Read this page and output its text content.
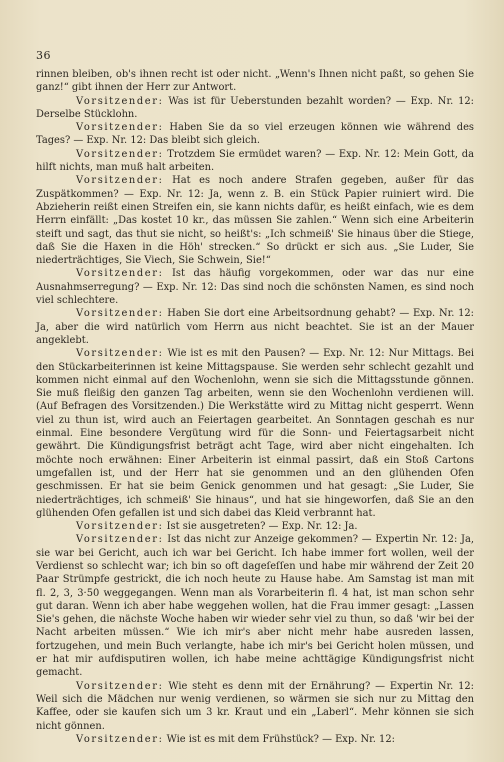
36

rinnen bleiben, ob's ihnen recht ist oder nicht. „Wenn's Ihnen nicht paßt, so gehen Sie ganz!“ gibt ihnen der Herr zur Antwort.

Vorsitzender: Was ist für Ueberstunden bezahlt worden? — Exp. Nr. 12: Derselbe Stücklohn.

Vorsitzender: Haben Sie da so viel erzeugen können wie während des Tages? — Exp. Nr. 12: Das bleibt sich gleich.

Vorsitzender: Trotzdem Sie ermüdet waren? — Exp. Nr. 12: Mein Gott, da hilft nichts, man muß halt arbeiten.

Vorsitzender: Hat es noch andere Strafen gegeben, außer für das Zuspätkommen? — Exp. Nr. 12: Ja, wenn z. B. ein Stück Papier ruiniert wird. Die Abzieherin reißt einen Streifen ein, sie kann nichts dafür, es heißt einfach, wie es dem Herrn einfällt: „Das kostet 10 kr., das müssen Sie zahlen.“ Wenn sich eine Arbeiterin steift und sagt, das thut sie nicht, so heißt's: „Ich schmeiß' Sie hinaus über die Stiege, daß Sie die Haxen in die Höh' strecken.“ So drückt er sich aus. „Sie Luder, Sie niederträchtiges, Sie Viech, Sie Schwein, Sie!“

Vorsitzender: Ist das häufig vorgekommen, oder war das nur eine Ausnahmserregung? — Exp. Nr. 12: Das sind noch die schönsten Namen, es sind noch viel schlechtere.

Vorsitzender: Haben Sie dort eine Arbeitsordnung gehabt? — Exp. Nr. 12: Ja, aber die wird natürlich vom Herrn aus nicht beachtet. Sie ist an der Mauer angeklebt.

Vorsitzender: Wie ist es mit den Pausen? — Exp. Nr. 12: Nur Mittags. Bei den Stückarbeiterinnen ist keine Mittagspause. Sie werden sehr schlecht gezahlt und kommen nicht einmal auf den Wochenlohn, wenn sie sich die Mittagsstunde gönnen. Sie muß fleißig den ganzen Tag arbeiten, wenn sie den Wochenlohn verdienen will. (Auf Befragen des Vorsitzenden.) Die Werkstätte wird zu Mittag nicht gesperrt. Wenn viel zu thun ist, wird auch an Feiertagen gearbeitet. An Sonntagen geschah es nur einmal. Eine besondere Vergütung wird für die Sonn- und Feiertagsarbeit nicht gewährt. Die Kündigungsfrist beträgt acht Tage, wird aber nicht eingehalten. Ich möchte noch erwähnen: Einer Arbeiterin ist einmal passirt, daß ein Stoß Cartons umgefallen ist, und der Herr hat sie genommen und an den glühenden Ofen geschmissen. Er hat sie beim Genick genommen und hat gesagt: „Sie Luder, Sie niederträchtiges, ich schmeiß' Sie hinaus“, und hat sie hingeworfen, daß Sie an den glühenden Ofen gefallen ist und sich dabei das Kleid verbrannt hat.

Vorsitzender: Ist sie ausgetreten? — Exp. Nr. 12: Ja.

Vorsitzender: Ist das nicht zur Anzeige gekommen? — Expertin Nr. 12: Ja, sie war bei Gericht, auch ich war bei Gericht. Ich habe immer fort wollen, weil der Verdienst so schlecht war; ich bin so oft dageſeſſen und habe mir während der Zeit 20 Paar Strümpfe gestrickt, die ich noch heute zu Hause habe. Am Samstag ist man mit fl. 2, 3, 3·50 weggegangen. Wenn man als Vorarbeiterin fl. 4 hat, ist man schon sehr gut daran. Wenn ich aber habe weggehen wollen, hat die Frau immer gesagt: „Lassen Sie's gehen, die nächste Woche haben wir wieder sehr viel zu thun, so daß 'wir bei der Nacht arbeiten müssen.“ Wie ich mir's aber nicht mehr habe ausreden lassen, fortzugehen, und mein Buch verlangte, habe ich mir's bei Gericht holen müssen, und er hat mir aufdisputiren wollen, ich habe meine achttägige Kündigungsfrist nicht gemacht.

Vorsitzender: Wie steht es denn mit der Ernährung? — Expertin Nr. 12: Weil sich die Mädchen nur wenig verdienen, so wärmen sie sich nur zu Mittag den Kaffee, oder sie kaufen sich um 3 kr. Kraut und ein „Laberl“. Mehr können sie sich nicht gönnen.

Vorsitzender: Wie ist es mit dem Frühstück? — Exp. Nr. 12:
